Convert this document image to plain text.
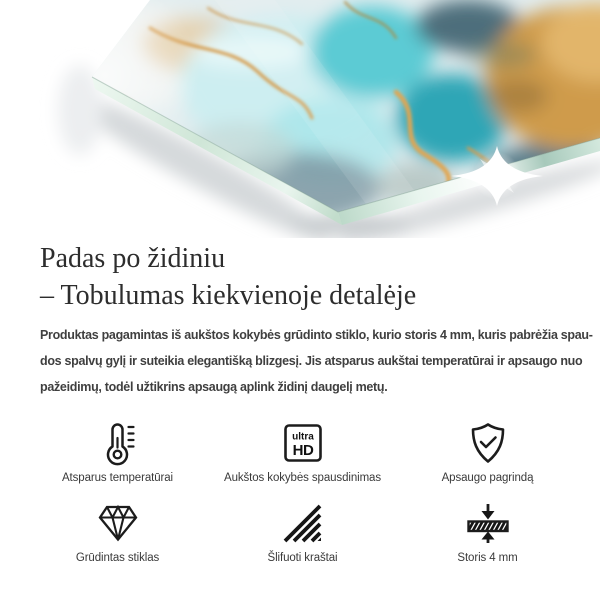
Padas po židiniu
– Tobulumas kiekvienoje detalėje
Produktas pagamintas iš aukštos kokybės grūdinto stiklo, kurio storis 4 mm, kuris pabrėžia spau-
dos spalvų gylį ir suteikia elegantišką blizgesį. Jis atsparus aukštai temperatūrai ir apsaugo nuo
pažeidimų, todėl užtikrins apsaugą aplink židinį daugelį metų.
Atsparus temperatūrai
ultra
HD
Aukštos kokybės spausdinimas	Apsaugo pagrindą
Grūdintas stiklas	Šlifuoti kraštai	Storis 4 mm
